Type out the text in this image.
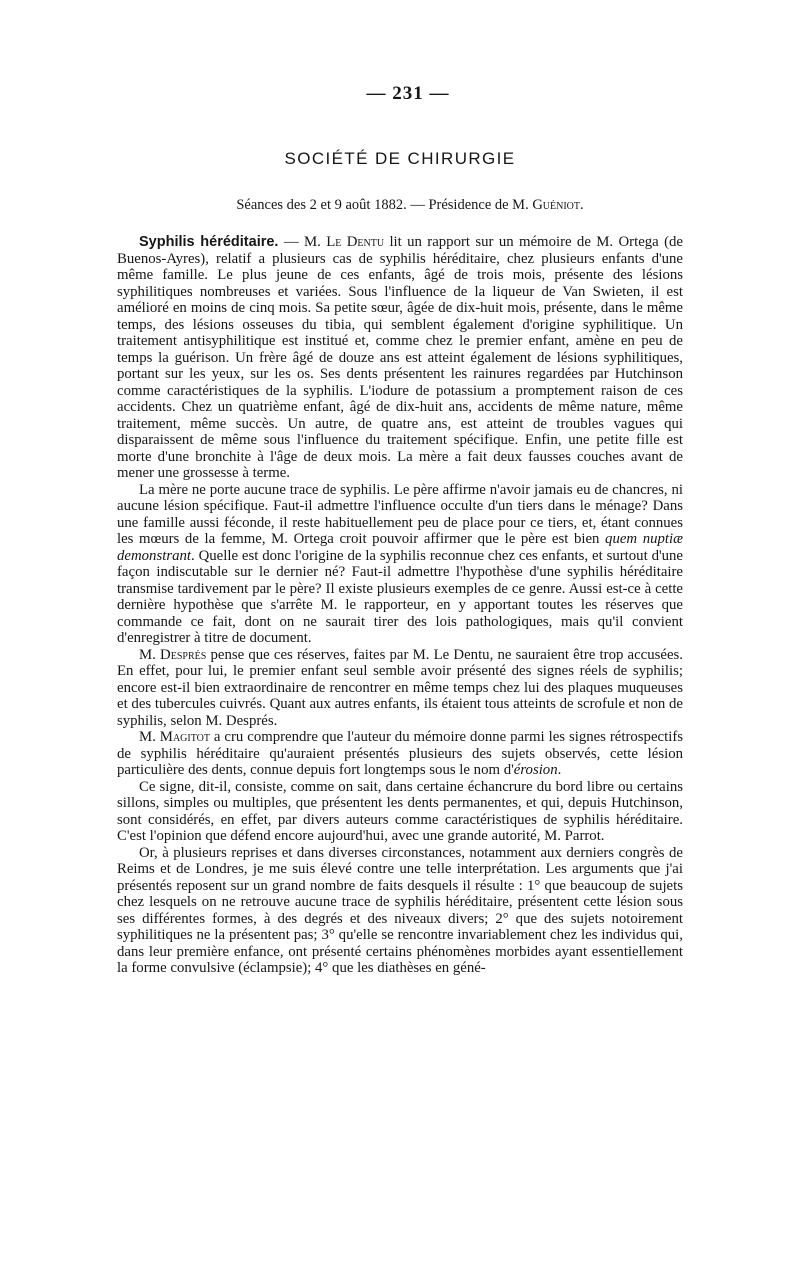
— 231 —
SOCIÉTÉ DE CHIRURGIE
Séances des 2 et 9 août 1882. — Présidence de M. Guéniot.

Syphilis héréditaire. — M. Le Dentu lit un rapport sur un mémoire de M. Ortega (de Buenos-Ayres), relatif a plusieurs cas de syphilis héréditaire, chez plusieurs enfants d'une même famille. Le plus jeune de ces enfants, âgé de trois mois, présente des lésions syphilitiques nombreuses et variées. Sous l'influence de la liqueur de Van Swieten, il est amélioré en moins de cinq mois. Sa petite sœur, âgée de dix-huit mois, présente, dans le même temps, des lésions osseuses du tibia, qui semblent également d'origine syphilitique. Un traitement antisyphilitique est institué et, comme chez le premier enfant, amène en peu de temps la guérison. Un frère âgé de douze ans est atteint également de lésions syphilitiques, portant sur les yeux, sur les os. Ses dents présentent les rainures regardées par Hutchinson comme caractéristiques de la syphilis. L'iodure de potassium a promptement raison de ces accidents. Chez un quatrième enfant, âgé de dix-huit ans, accidents de même nature, même traitement, même succès. Un autre, de quatre ans, est atteint de troubles vagues qui disparaissent de même sous l'influence du traitement spécifique. Enfin, une petite fille est morte d'une bronchite à l'âge de deux mois. La mère a fait deux fausses couches avant de mener une grossesse à terme.

La mère ne porte aucune trace de syphilis. Le père affirme n'avoir jamais eu de chancres, ni aucune lésion spécifique. Faut-il admettre l'influence occulte d'un tiers dans le ménage? Dans une famille aussi féconde, il reste habituellement peu de place pour ce tiers, et, étant connues les mœurs de la femme, M. Ortega croit pouvoir affirmer que le père est bien quem nuptiæ demonstrant. Quelle est donc l'origine de la syphilis reconnue chez ces enfants, et surtout d'une façon indiscutable sur le dernier né? Faut-il admettre l'hypothèse d'une syphilis héréditaire transmise tardivement par le père? Il existe plusieurs exemples de ce genre. Aussi est-ce à cette dernière hypothèse que s'arrête M. le rapporteur, en y apportant toutes les réserves que commande ce fait, dont on ne saurait tirer des lois pathologiques, mais qu'il convient d'enregistrer à titre de document.

M. Després pense que ces réserves, faites par M. Le Dentu, ne sauraient être trop accusées. En effet, pour lui, le premier enfant seul semble avoir présenté des signes réels de syphilis; encore est-il bien extraordinaire de rencontrer en même temps chez lui des plaques muqueuses et des tubercules cuivrés. Quant aux autres enfants, ils étaient tous atteints de scrofule et non de syphilis, selon M. Després.

M. Magitot a cru comprendre que l'auteur du mémoire donne parmi les signes rétrospectifs de syphilis héréditaire qu'auraient présentés plusieurs des sujets observés, cette lésion particulière des dents, connue depuis fort longtemps sous le nom d'érosion.

Ce signe, dit-il, consiste, comme on sait, dans certaine échancrure du bord libre ou certains sillons, simples ou multiples, que présentent les dents permanentes, et qui, depuis Hutchinson, sont considérés, en effet, par divers auteurs comme caractéristiques de syphilis héréditaire. C'est l'opinion que défend encore aujourd'hui, avec une grande autorité, M. Parrot.

Or, à plusieurs reprises et dans diverses circonstances, notamment aux derniers congrès de Reims et de Londres, je me suis élevé contre une telle interprétation. Les arguments que j'ai présentés reposent sur un grand nombre de faits desquels il résulte : 1° que beaucoup de sujets chez lesquels on ne retrouve aucune trace de syphilis héréditaire, présentent cette lésion sous ses différentes formes, à des degrés et des niveaux divers; 2° que des sujets notoirement syphilitiques ne la présentent pas; 3° qu'elle se rencontre invariablement chez les individus qui, dans leur première enfance, ont présenté certains phénomènes morbides ayant essentiellement la forme convulsive (éclampsie); 4° que les diathèses en géné-
